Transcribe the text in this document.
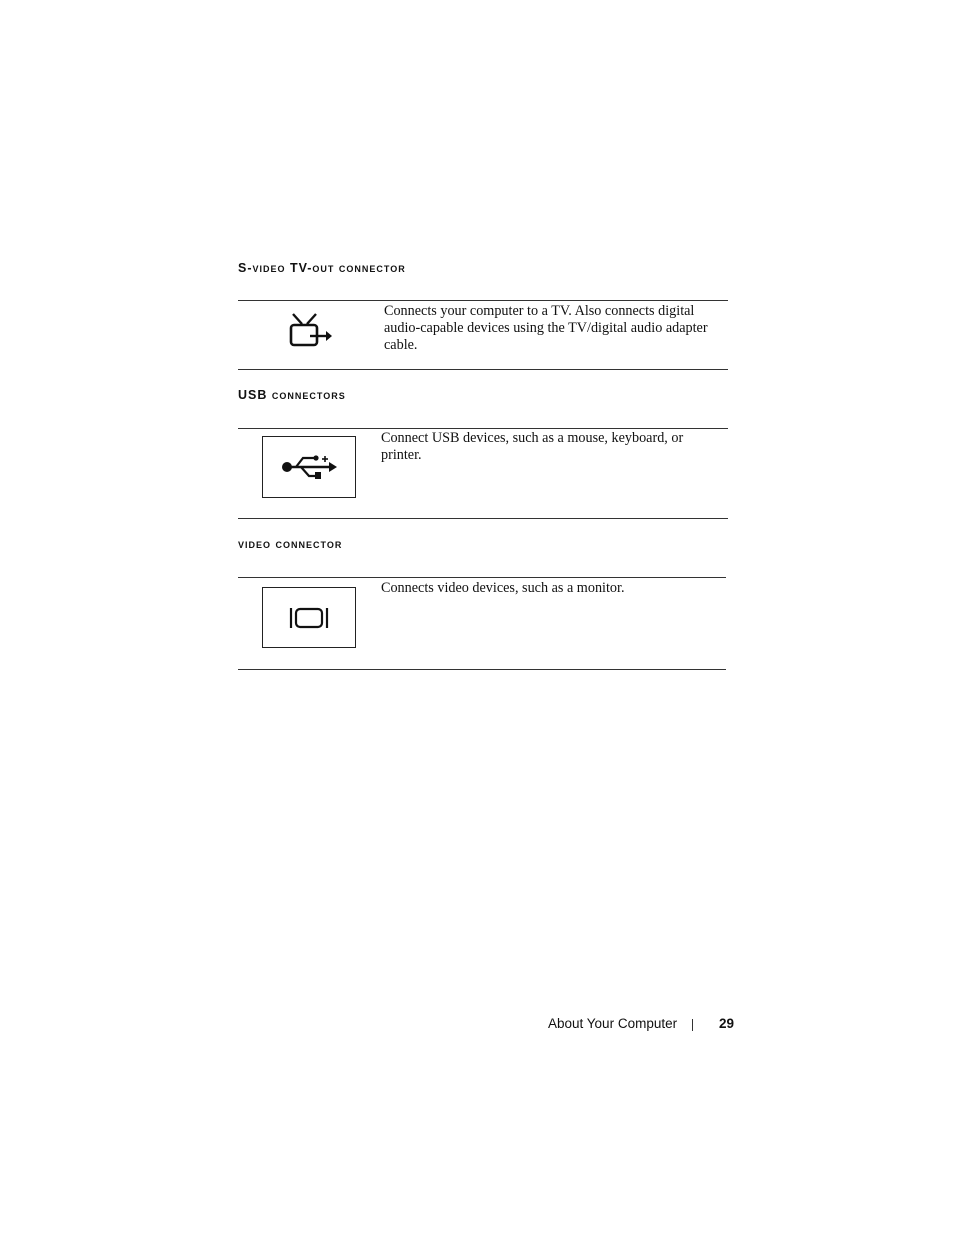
S-video TV-out connector
Connects your computer to a TV. Also connects digital audio-capable devices using the TV/digital audio adapter cable.
USB connectors
Connect USB devices, such as a mouse, keyboard, or printer.
video connector
Connects video devices, such as a monitor.
About Your Computer	29
